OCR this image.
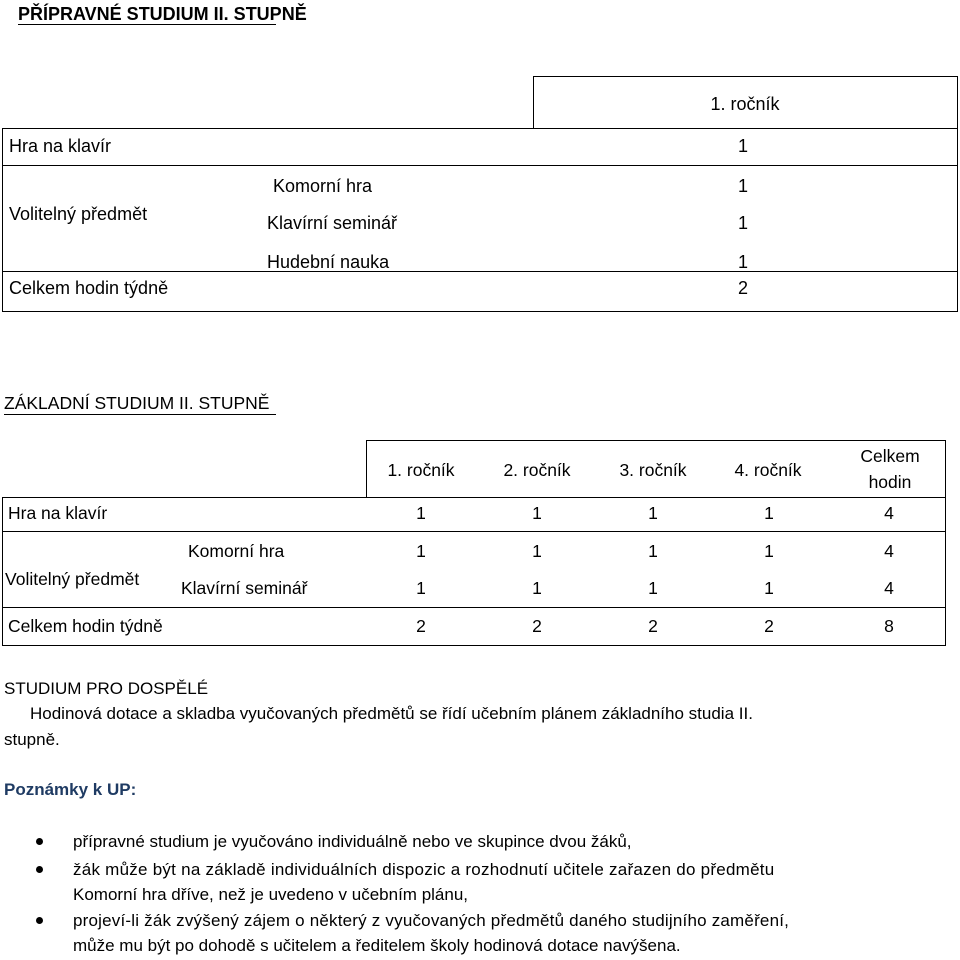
PŘÍPRAVNÉ STUDIUM II. STUPNĚ
1. ročník
Hra na klavír	1
Volitelný předmět
Komorní hra	1
Klavírní seminář	1
Hudební nauka	1
Celkem hodin týdně	2
ZÁKLADNÍ STUDIUM II. STUPNĚ
1. ročník	2. ročník	3. ročník	4. ročník
Celkem
hodin
Hra na klavír	1	1	1	1	4
Volitelný předmět
Komorní hra	1	1	1	1	4
Klavírní seminář	1	1	1	1	4
Celkem hodin týdně	2	2	2	2	8
STUDIUM PRO DOSPĚLÉ
Hodinová dotace a skladba vyučovaných předmětů se řídí učebním plánem základního studia II.
stupně.
Poznámky k UP:
přípravné studium je vyučováno individuálně nebo ve skupince dvou žáků,
žák může být na základě individuálních dispozic a rozhodnutí učitele zařazen do předmětu
Komorní hra dříve, než je uvedeno v učebním plánu,
projeví-li žák zvýšený zájem o některý z vyučovaných předmětů daného studijního zaměření,
může mu být po dohodě s učitelem a ředitelem školy hodinová dotace navýšena.
